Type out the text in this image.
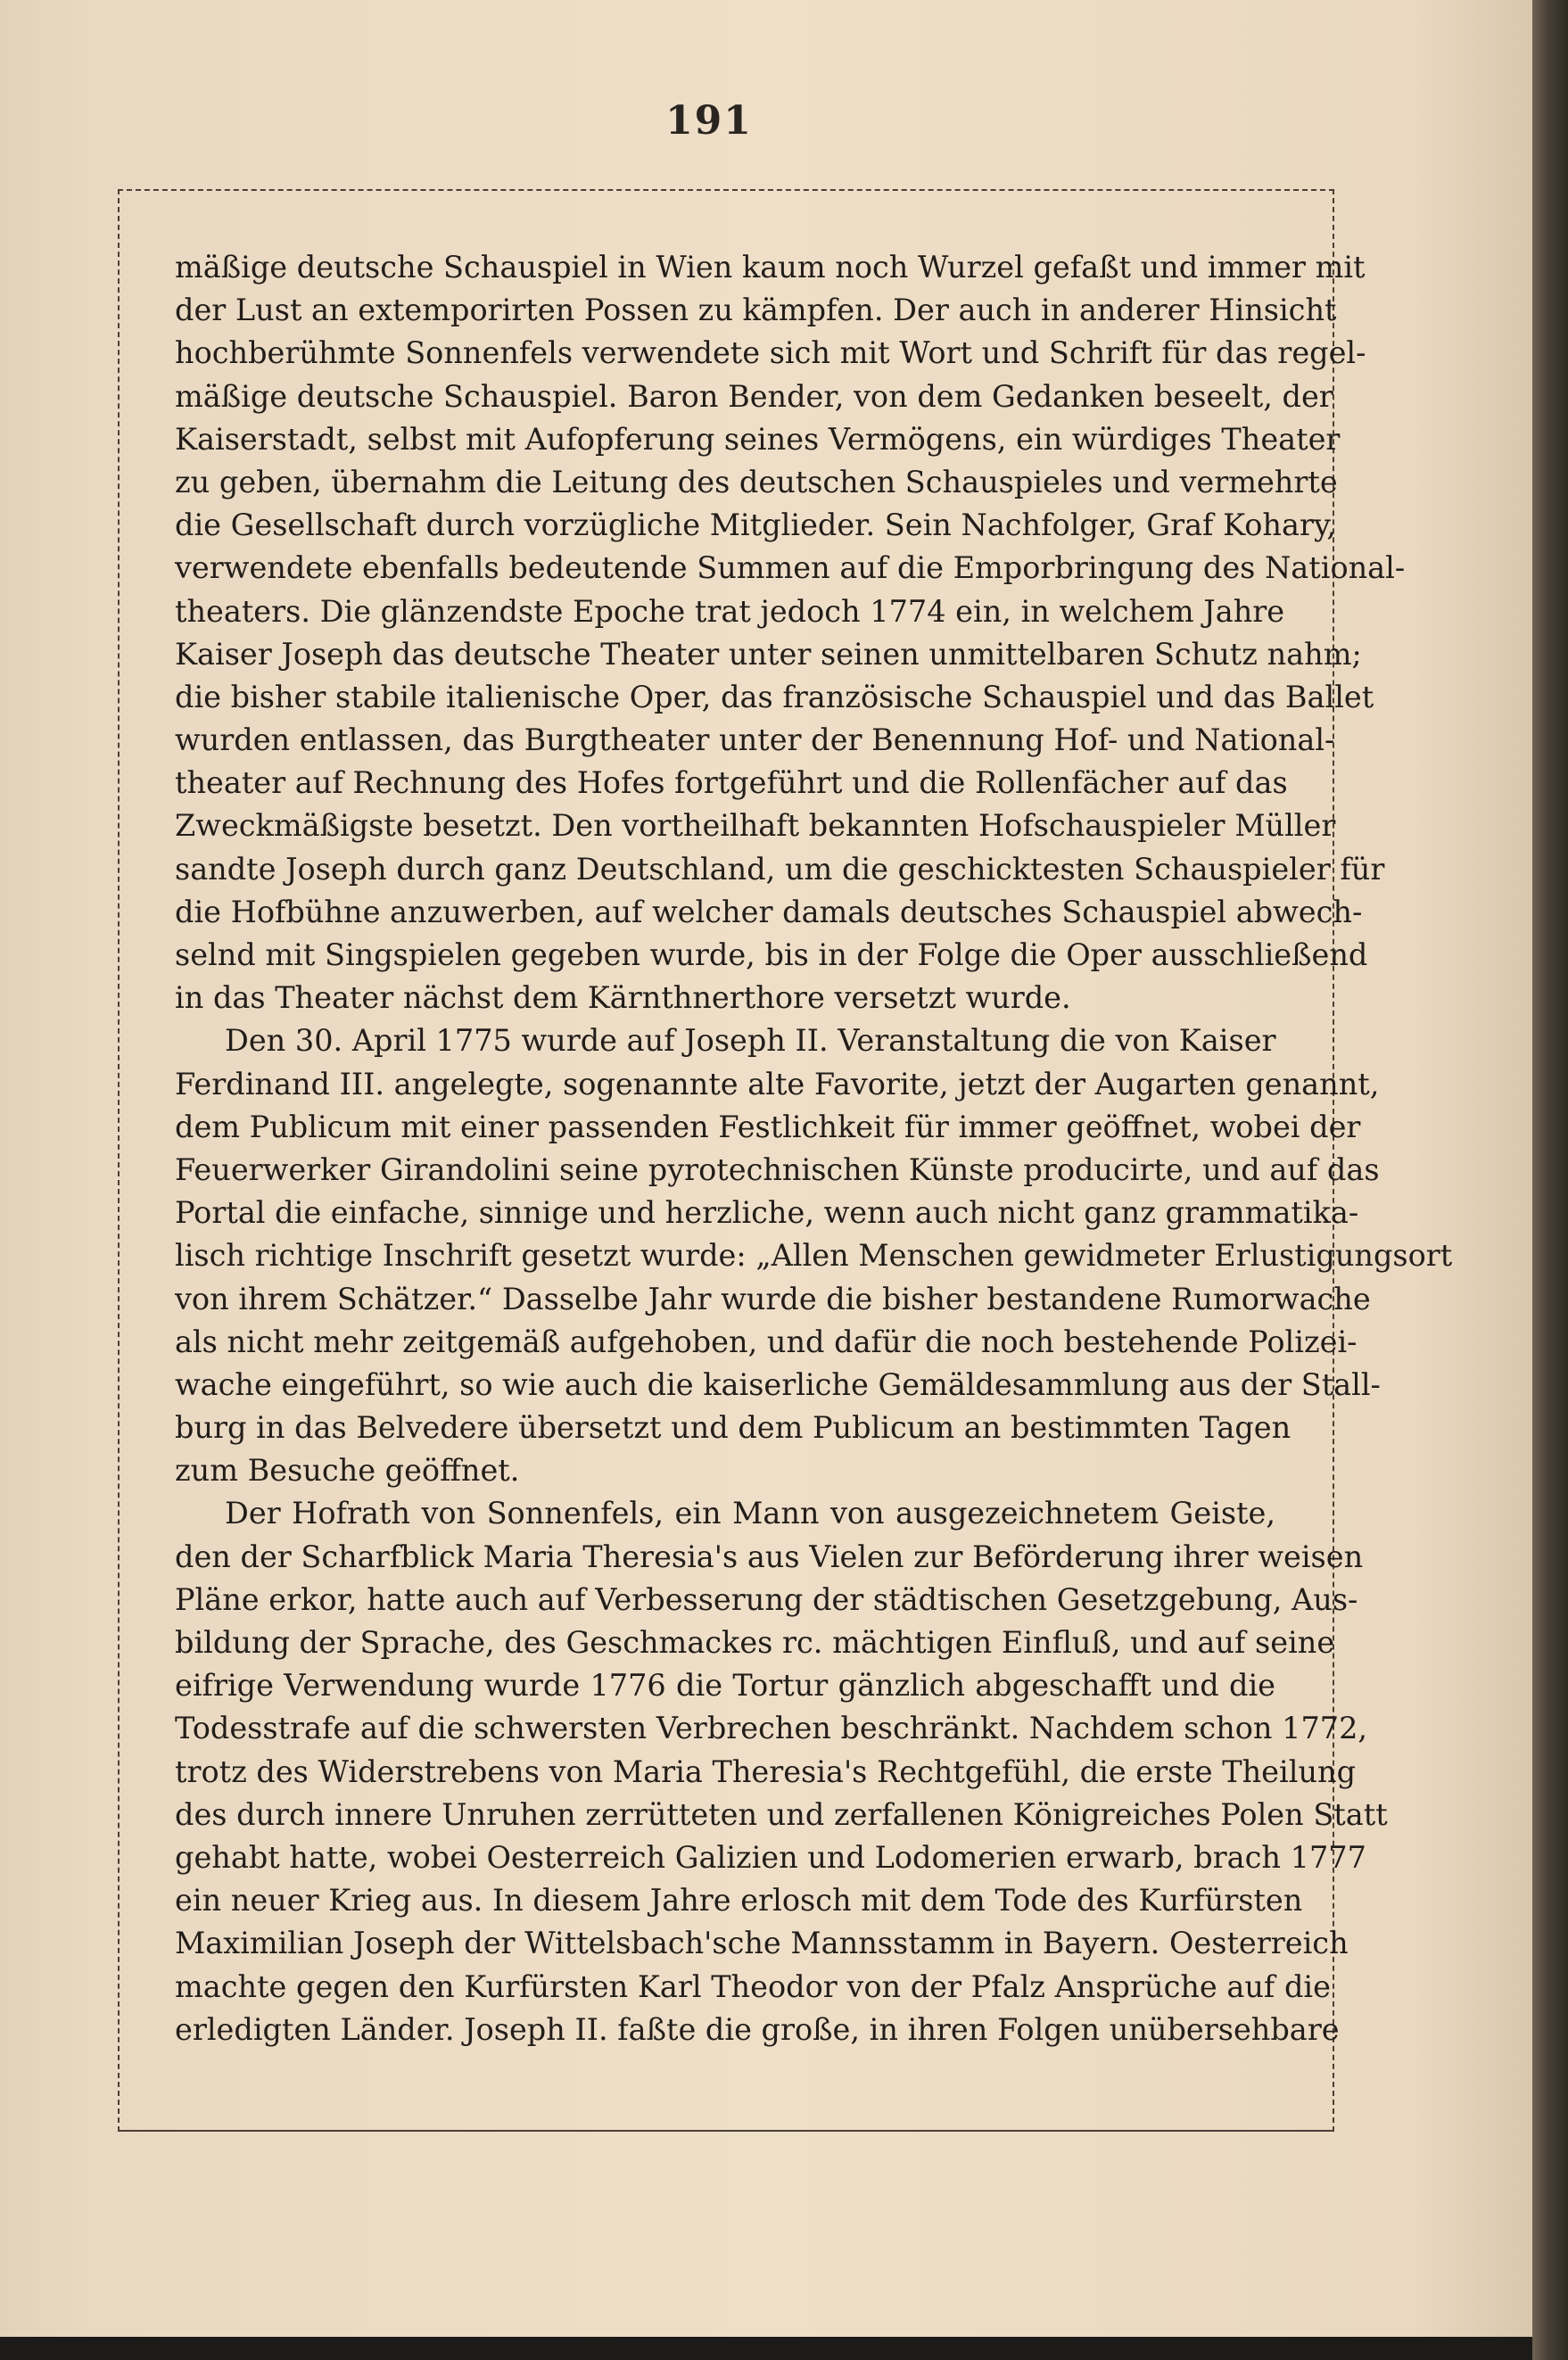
191
mäßige deutsche Schauspiel in Wien kaum noch Wurzel gefaßt und immer mit
der Lust an extemporirten Possen zu kämpfen. Der auch in anderer Hinsicht
hochberühmte Sonnenfels verwendete sich mit Wort und Schrift für das regel-
mäßige deutsche Schauspiel. Baron Bender, von dem Gedanken beseelt, der
Kaiserstadt, selbst mit Aufopferung seines Vermögens, ein würdiges Theater
zu geben, übernahm die Leitung des deutschen Schauspieles und vermehrte
die Gesellschaft durch vorzügliche Mitglieder. Sein Nachfolger, Graf Kohary,
verwendete ebenfalls bedeutende Summen auf die Emporbringung des National-
theaters. Die glänzendste Epoche trat jedoch 1774 ein, in welchem Jahre
Kaiser Joseph das deutsche Theater unter seinen unmittelbaren Schutz nahm;
die bisher stabile italienische Oper, das französische Schauspiel und das Ballet
wurden entlassen, das Burgtheater unter der Benennung Hof- und National-
theater auf Rechnung des Hofes fortgeführt und die Rollenfächer auf das
Zweckmäßigste besetzt. Den vortheilhaft bekannten Hofschauspieler Müller
sandte Joseph durch ganz Deutschland, um die geschicktesten Schauspieler für
die Hofbühne anzuwerben, auf welcher damals deutsches Schauspiel abwech-
selnd mit Singspielen gegeben wurde, bis in der Folge die Oper ausschließend
in das Theater nächst dem Kärnthnerthore versetzt wurde.
Den 30. April 1775 wurde auf Joseph II. Veranstaltung die von Kaiser
Ferdinand III. angelegte, sogenannte alte Favorite, jetzt der Augarten genannt,
dem Publicum mit einer passenden Festlichkeit für immer geöffnet, wobei der
Feuerwerker Girandolini seine pyrotechnischen Künste producirte, und auf das
Portal die einfache, sinnige und herzliche, wenn auch nicht ganz grammatika-
lisch richtige Inschrift gesetzt wurde: „Allen Menschen gewidmeter Erlustigungsort
von ihrem Schätzer.“ Dasselbe Jahr wurde die bisher bestandene Rumorwache
als nicht mehr zeitgemäß aufgehoben, und dafür die noch bestehende Polizei-
wache eingeführt, so wie auch die kaiserliche Gemäldesammlung aus der Stall-
burg in das Belvedere übersetzt und dem Publicum an bestimmten Tagen
zum Besuche geöffnet.
Der Hofrath von Sonnenfels, ein Mann von ausgezeichnetem Geiste,
den der Scharfblick Maria Theresia's aus Vielen zur Beförderung ihrer weisen
Pläne erkor, hatte auch auf Verbesserung der städtischen Gesetzgebung, Aus-
bildung der Sprache, des Geschmackes rc. mächtigen Einfluß, und auf seine
eifrige Verwendung wurde 1776 die Tortur gänzlich abgeschafft und die
Todesstrafe auf die schwersten Verbrechen beschränkt. Nachdem schon 1772,
trotz des Widerstrebens von Maria Theresia's Rechtgefühl, die erste Theilung
des durch innere Unruhen zerrütteten und zerfallenen Königreiches Polen Statt
gehabt hatte, wobei Oesterreich Galizien und Lodomerien erwarb, brach 1777
ein neuer Krieg aus. In diesem Jahre erlosch mit dem Tode des Kurfürsten
Maximilian Joseph der Wittelsbach'sche Mannsstamm in Bayern. Oesterreich
machte gegen den Kurfürsten Karl Theodor von der Pfalz Ansprüche auf die
erledigten Länder. Joseph II. faßte die große, in ihren Folgen unübersehbare
